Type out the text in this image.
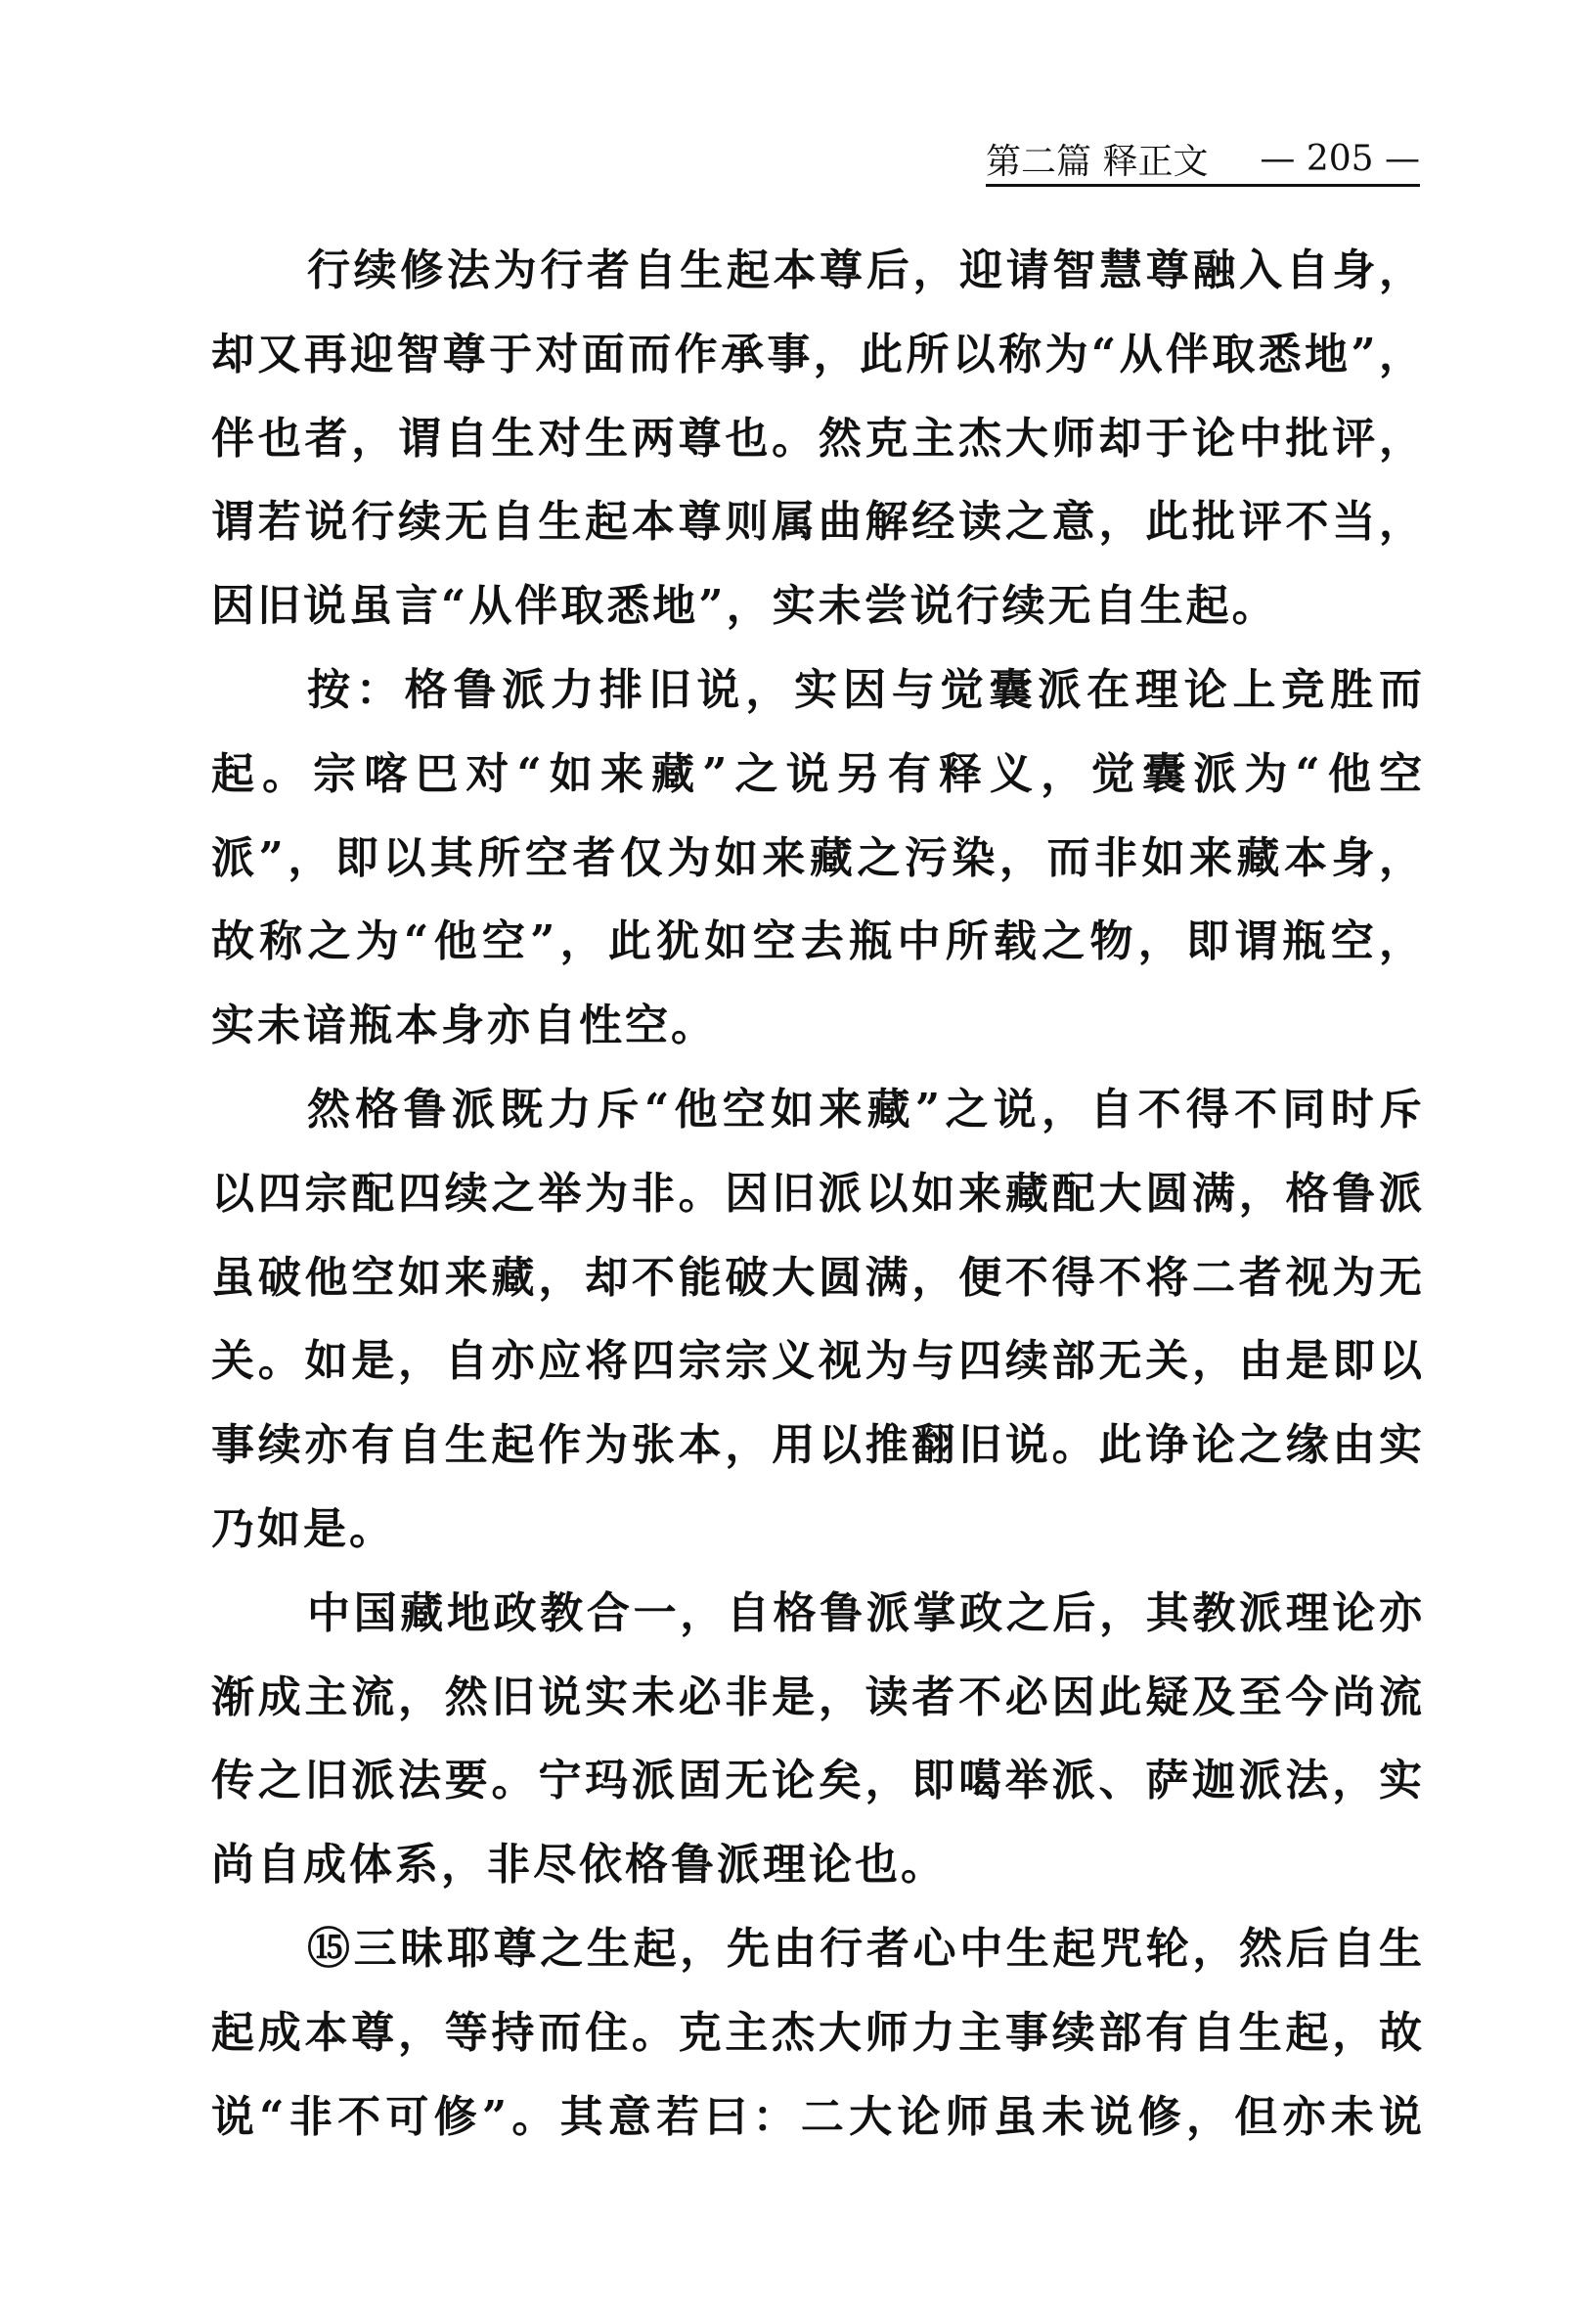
第二篇 释正文 — 205 —
行续修法为行者自生起本尊后，迎请智慧尊融入自身，
却又再迎智尊于对面而作承事，此所以称为“从伴取悉地”，
伴也者，谓自生对生两尊也。然克主杰大师却于论中批评，
谓若说行续无自生起本尊则属曲解经读之意，此批评不当，
因旧说虽言“从伴取悉地”，实未尝说行续无自生起。
按：格鲁派力排旧说，实因与觉囊派在理论上竞胜而
起。宗喀巴对“如来藏”之说另有释义，觉囊派为“他空
派”，即以其所空者仅为如来藏之污染，而非如来藏本身，
故称之为“他空”，此犹如空去瓶中所载之物，即谓瓶空，
实未谙瓶本身亦自性空。
然格鲁派既力斥“他空如来藏”之说，自不得不同时斥
以四宗配四续之举为非。因旧派以如来藏配大圆满，格鲁派
虽破他空如来藏，却不能破大圆满，便不得不将二者视为无
关。如是，自亦应将四宗宗义视为与四续部无关，由是即以
事续亦有自生起作为张本，用以推翻旧说。此诤论之缘由实
乃如是。
中国藏地政教合一，自格鲁派掌政之后，其教派理论亦
渐成主流，然旧说实未必非是，读者不必因此疑及至今尚流
传之旧派法要。宁玛派固无论矣，即噶举派、萨迦派法，实
尚自成体系，非尽依格鲁派理论也。
⑮三昧耶尊之生起，先由行者心中生起咒轮，然后自生
起成本尊，等持而住。克主杰大师力主事续部有自生起，故
说“非不可修”。其意若曰：二大论师虽未说修，但亦未说
